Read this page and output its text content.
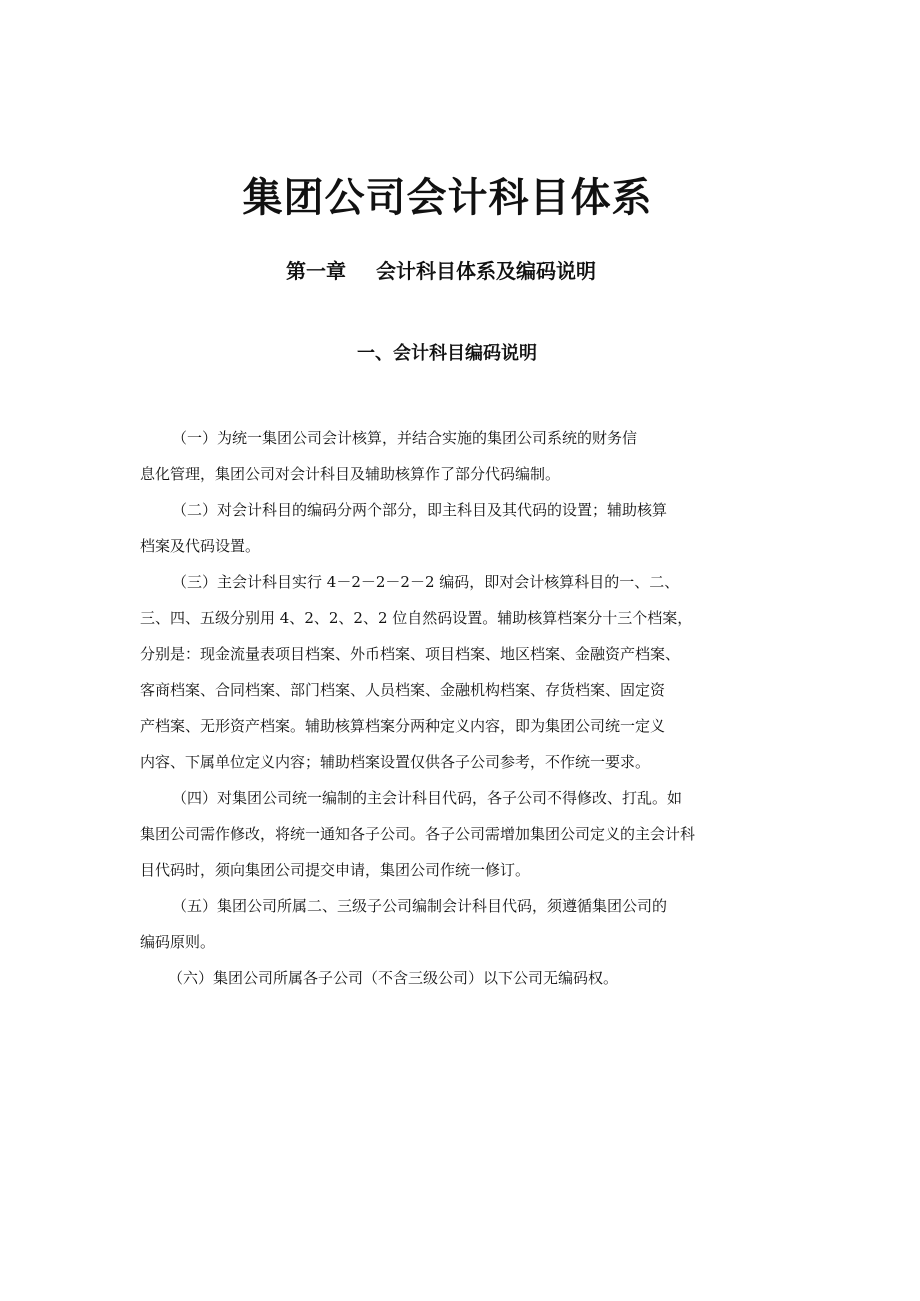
集团公司会计科目体系
第一章 会计科目体系及编码说明
一、会计科目编码说明

（一）为统一集团公司会计核算，并结合实施的集团公司系统的财务信

息化管理，集团公司对会计科目及辅助核算作了部分代码编制。

（二）对会计科目的编码分两个部分，即主科目及其代码的设置；辅助核算

档案及代码设置。

（三）主会计科目实行 4－2－2－2－2 编码，即对会计核算科目的一、二、

三、四、五级分别用 4、2、2、2、2 位自然码设置。辅助核算档案分十三个档案，

分别是：现金流量表项目档案、外币档案、项目档案、地区档案、金融资产档案、

客商档案、合同档案、部门档案、人员档案、金融机构档案、存货档案、固定资

产档案、无形资产档案。辅助核算档案分两种定义内容，即为集团公司统一定义

内容、下属单位定义内容；辅助档案设置仅供各子公司参考，不作统一要求。

（四）对集团公司统一编制的主会计科目代码，各子公司不得修改、打乱。如

集团公司需作修改，将统一通知各子公司。各子公司需增加集团公司定义的主会计科

目代码时，须向集团公司提交申请，集团公司作统一修订。

（五）集团公司所属二、三级子公司编制会计科目代码，须遵循集团公司的

编码原则。

（六）集团公司所属各子公司（不含三级公司）以下公司无编码权。
